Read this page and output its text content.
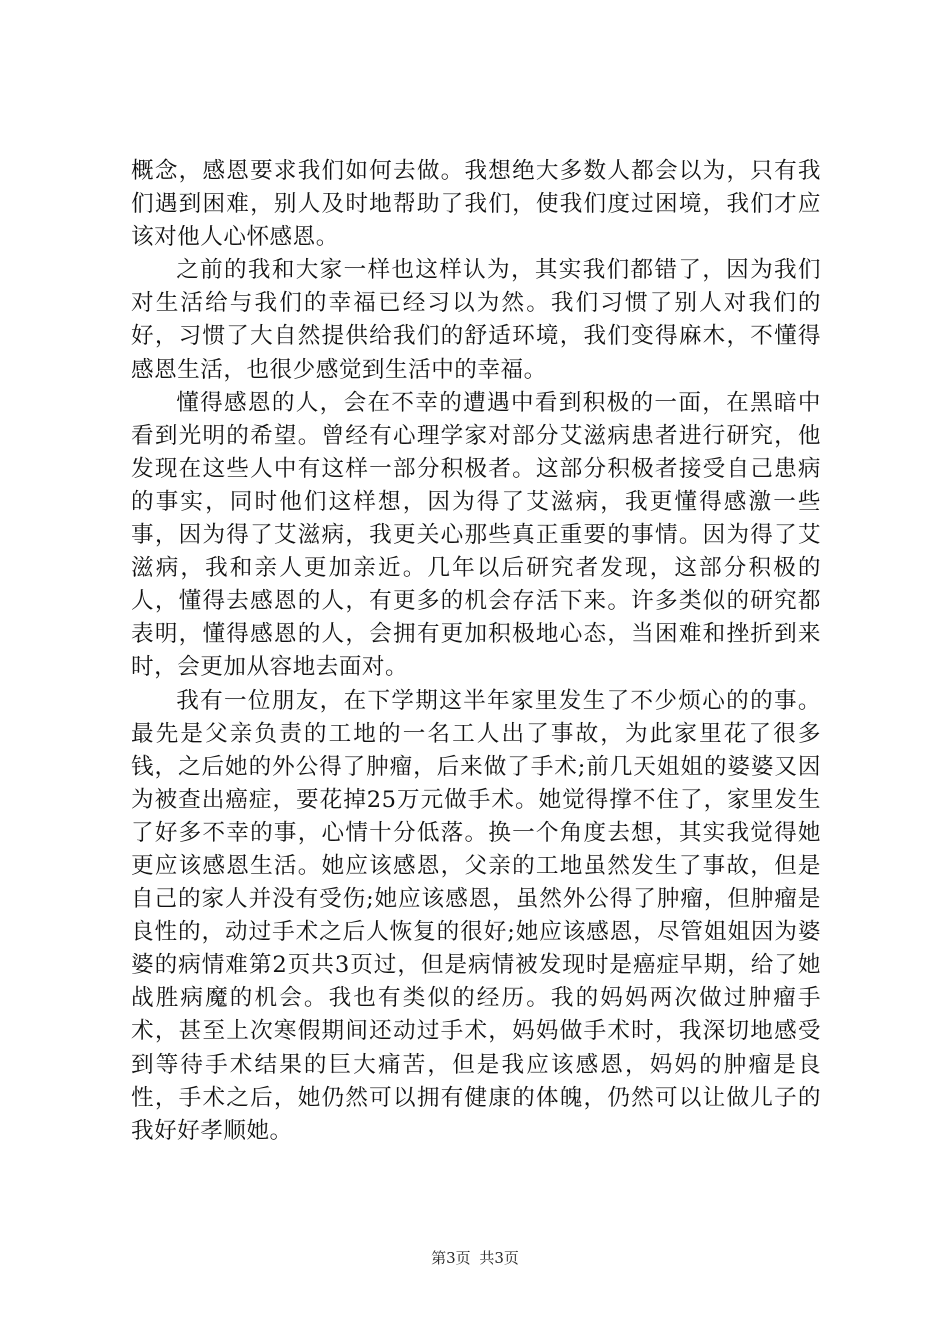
概念，感恩要求我们如何去做。我想绝大多数人都会以为，只有我们遇到困难，别人及时地帮助了我们，使我们度过困境，我们才应该对他人心怀感恩。

之前的我和大家一样也这样认为，其实我们都错了，因为我们对生活给与我们的幸福已经习以为然。我们习惯了别人对我们的好，习惯了大自然提供给我们的舒适环境，我们变得麻木，不懂得感恩生活，也很少感觉到生活中的幸福。

懂得感恩的人，会在不幸的遭遇中看到积极的一面，在黑暗中看到光明的希望。曾经有心理学家对部分艾滋病患者进行研究，他发现在这些人中有这样一部分积极者。这部分积极者接受自己患病的事实，同时他们这样想，因为得了艾滋病，我更懂得感激一些事，因为得了艾滋病，我更关心那些真正重要的事情。因为得了艾滋病，我和亲人更加亲近。几年以后研究者发现，这部分积极的人，懂得去感恩的人，有更多的机会存活下来。许多类似的研究都表明，懂得感恩的人，会拥有更加积极地心态，当困难和挫折到来时，会更加从容地去面对。

我有一位朋友，在下学期这半年家里发生了不少烦心的的事。最先是父亲负责的工地的一名工人出了事故，为此家里花了很多钱，之后她的外公得了肿瘤，后来做了手术;前几天姐姐的婆婆又因为被查出癌症，要花掉25万元做手术。她觉得撑不住了，家里发生了好多不幸的事，心情十分低落。换一个角度去想，其实我觉得她更应该感恩生活。她应该感恩，父亲的工地虽然发生了事故，但是自己的家人并没有受伤;她应该感恩，虽然外公得了肿瘤，但肿瘤是良性的，动过手术之后人恢复的很好;她应该感恩，尽管姐姐因为婆婆的病情难第2页共3页过，但是病情被发现时是癌症早期，给了她战胜病魔的机会。我也有类似的经历。我的妈妈两次做过肿瘤手术，甚至上次寒假期间还动过手术，妈妈做手术时，我深切地感受到等待手术结果的巨大痛苦，但是我应该感恩，妈妈的肿瘤是良性，手术之后，她仍然可以拥有健康的体魄，仍然可以让做儿子的我好好孝顺她。

第3页 共3页
